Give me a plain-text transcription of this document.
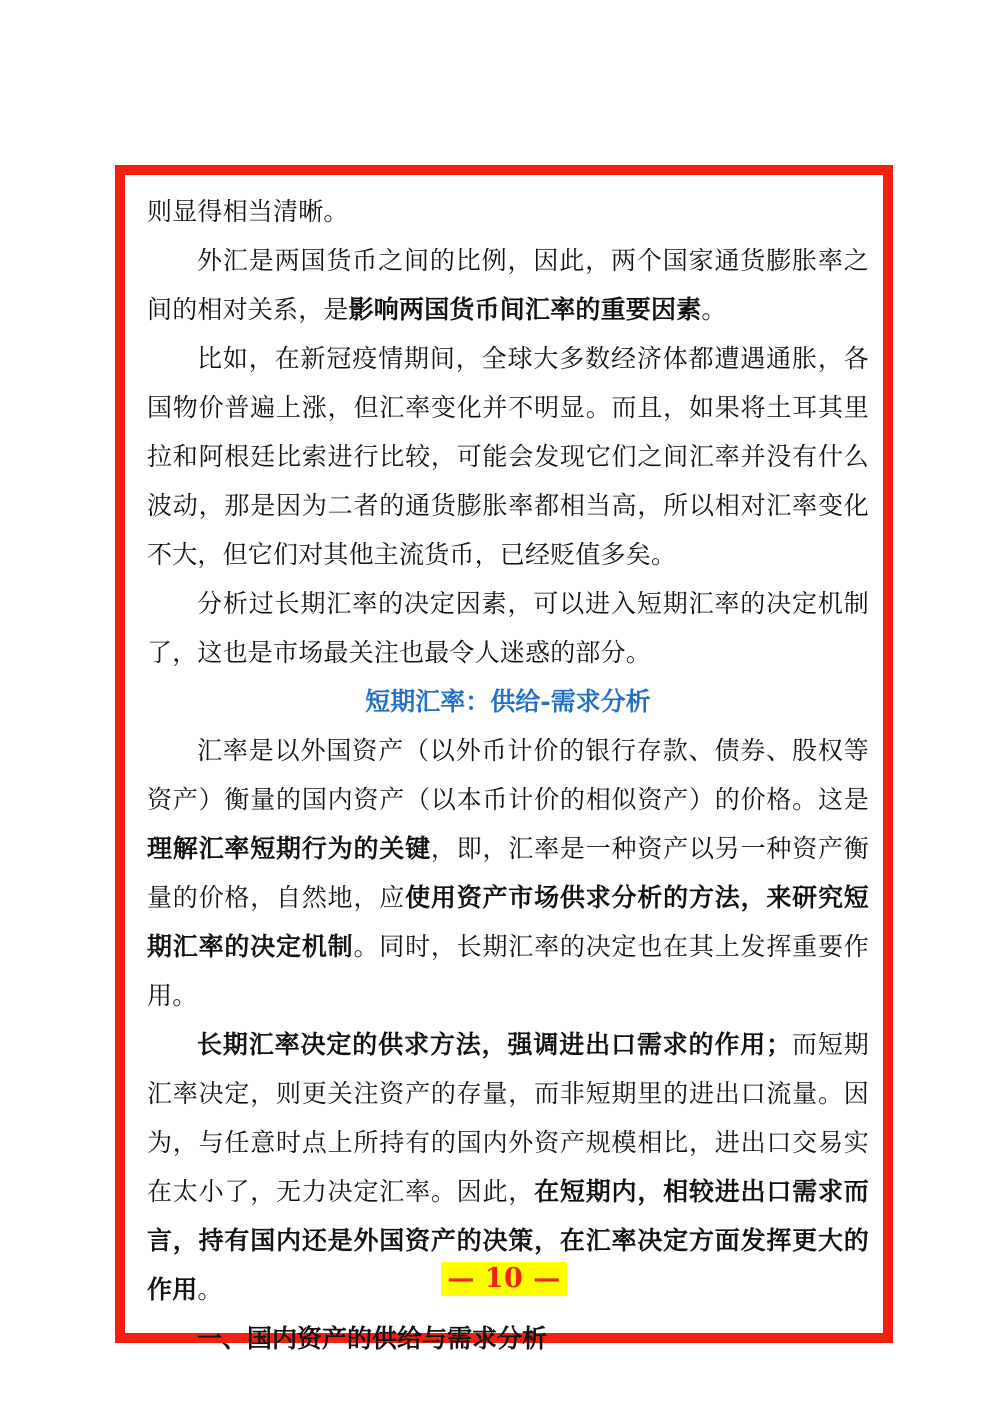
则显得相当清晰。

外汇是两国货币之间的比例，因此，两个国家通货膨胀率之间的相对关系，是影响两国货币间汇率的重要因素。

比如，在新冠疫情期间，全球大多数经济体都遭遇通胀，各国物价普遍上涨，但汇率变化并不明显。而且，如果将土耳其里拉和阿根廷比索进行比较，可能会发现它们之间汇率并没有什么波动，那是因为二者的通货膨胀率都相当高，所以相对汇率变化不大，但它们对其他主流货币，已经贬值多矣。

分析过长期汇率的决定因素，可以进入短期汇率的决定机制了，这也是市场最关注也最令人迷惑的部分。

短期汇率：供给-需求分析

汇率是以外国资产（以外币计价的银行存款、债券、股权等资产）衡量的国内资产（以本币计价的相似资产）的价格。这是理解汇率短期行为的关键，即，汇率是一种资产以另一种资产衡量的价格，自然地，应使用资产市场供求分析的方法，来研究短期汇率的决定机制。同时，长期汇率的决定也在其上发挥重要作用。

长期汇率决定的供求方法，强调进出口需求的作用；而短期汇率决定，则更关注资产的存量，而非短期里的进出口流量。因为，与任意时点上所持有的国内外资产规模相比，进出口交易实在太小了，无力决定汇率。因此，在短期内，相较进出口需求而言，持有国内还是外国资产的决策，在汇率决定方面发挥更大的作用。

一、国内资产的供给与需求分析

— 10 —
